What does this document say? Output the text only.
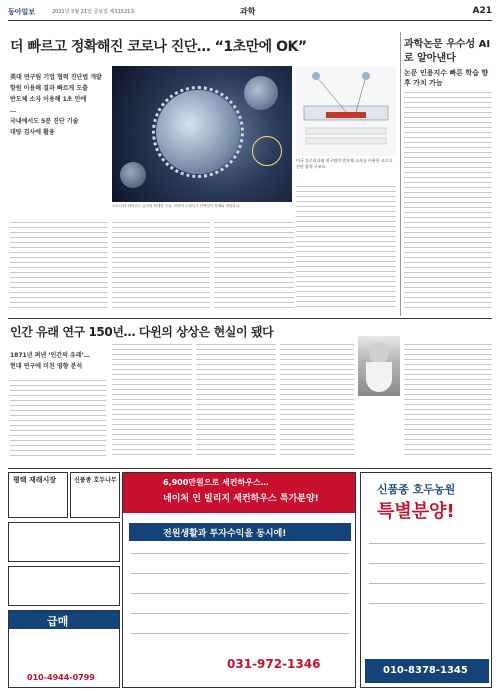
동아일보	2021년 5월 21일 금요일 제31521호	과학	A21
더 빠르고 정확해진 코로나 진단… “1초만에 OK”
美대 연구팀 기업 협력 진단법 개발
항원 이용해 결과 빠르게 도출
반도체 소자 이용해 1초 만에
…
국내에서도 5분 진단 기술
대량 검사에 활용
코로나19 바이러스 입자를 확대한 모습. 표면의 스파이크 단백질이 항체와 결합한다.
미국 플로리다대 연구팀의 반도체 소자를 이용한 코로나 진단 장치 구조도.
과학논문 우수성 AI로 알아낸다
논문 인용지수 빠른 학습 향후 가치 가늠
인간 유래 연구 150년… 다윈의 상상은 현실이 됐다
1871년 펴낸 ‘인간의 유래’…
현대 연구에 미친 영향 분석
평택 재래시장	신품종 호두나무	6,900만원으로 세컨하우스…
네이처 인 빌리지 세컨하우스 특가분양!
전원생활과 투자수익을 동시에!
031-972-1346
신품종 호두농원
특별분양!
010-8378-1345
급매
010-4944-0799
